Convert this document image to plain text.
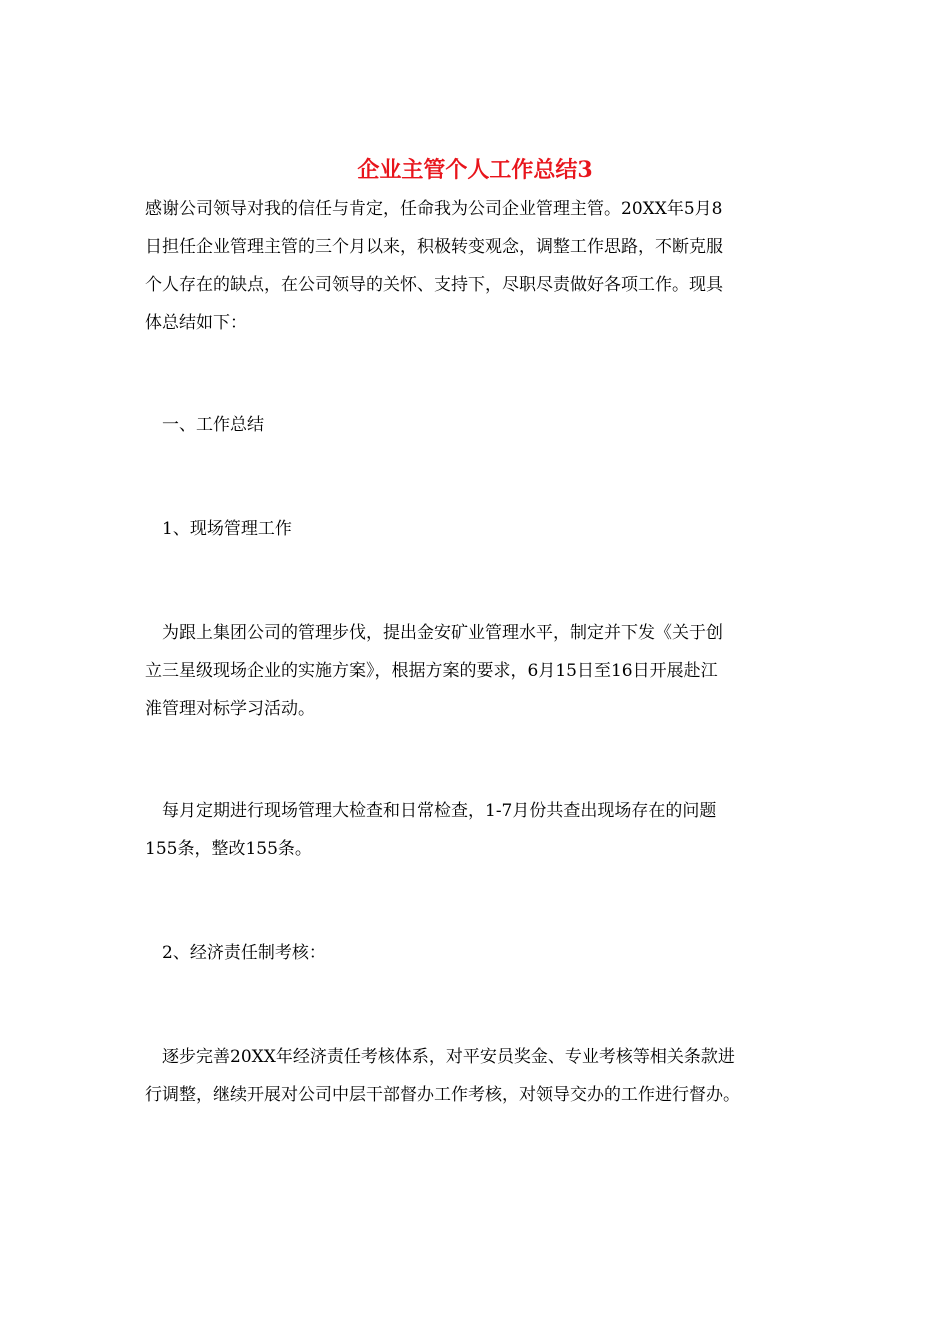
企业主管个人工作总结3

感谢公司领导对我的信任与肯定，任命我为公司企业管理主管。20XX年5月8
日担任企业管理主管的三个月以来，积极转变观念，调整工作思路，不断克服
个人存在的缺点，在公司领导的关怀、支持下，尽职尽责做好各项工作。现具
体总结如下：

　一、工作总结

　1、现场管理工作

　为跟上集团公司的管理步伐，提出金安矿业管理水平，制定并下发《关于创
立三星级现场企业的实施方案》，根据方案的要求，6月15日至16日开展赴江
淮管理对标学习活动。

　每月定期进行现场管理大检查和日常检查，1-7月份共查出现场存在的问题
155条，整改155条。

　2、经济责任制考核：

　逐步完善20XX年经济责任考核体系，对平安员奖金、专业考核等相关条款进
行调整，继续开展对公司中层干部督办工作考核，对领导交办的工作进行督办。
